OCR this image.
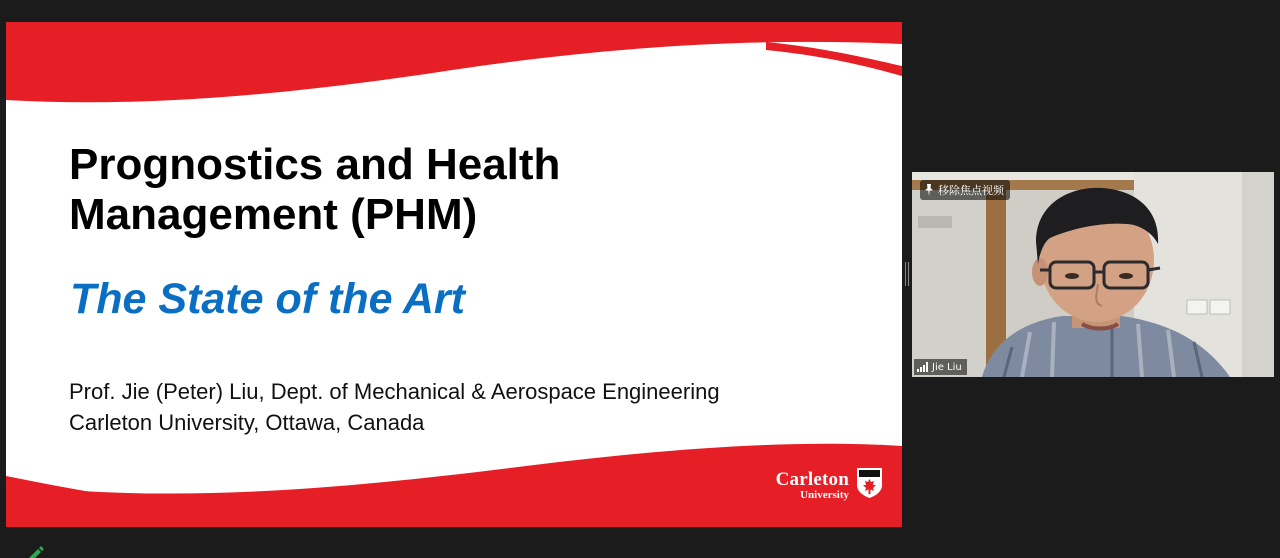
Prognostics and Health
Management (PHM)
The State of the Art
Prof. Jie (Peter) Liu, Dept. of Mechanical & Aerospace Engineering
Carleton University, Ottawa, Canada
Carleton
University
移除焦点视频
Jie Liu
